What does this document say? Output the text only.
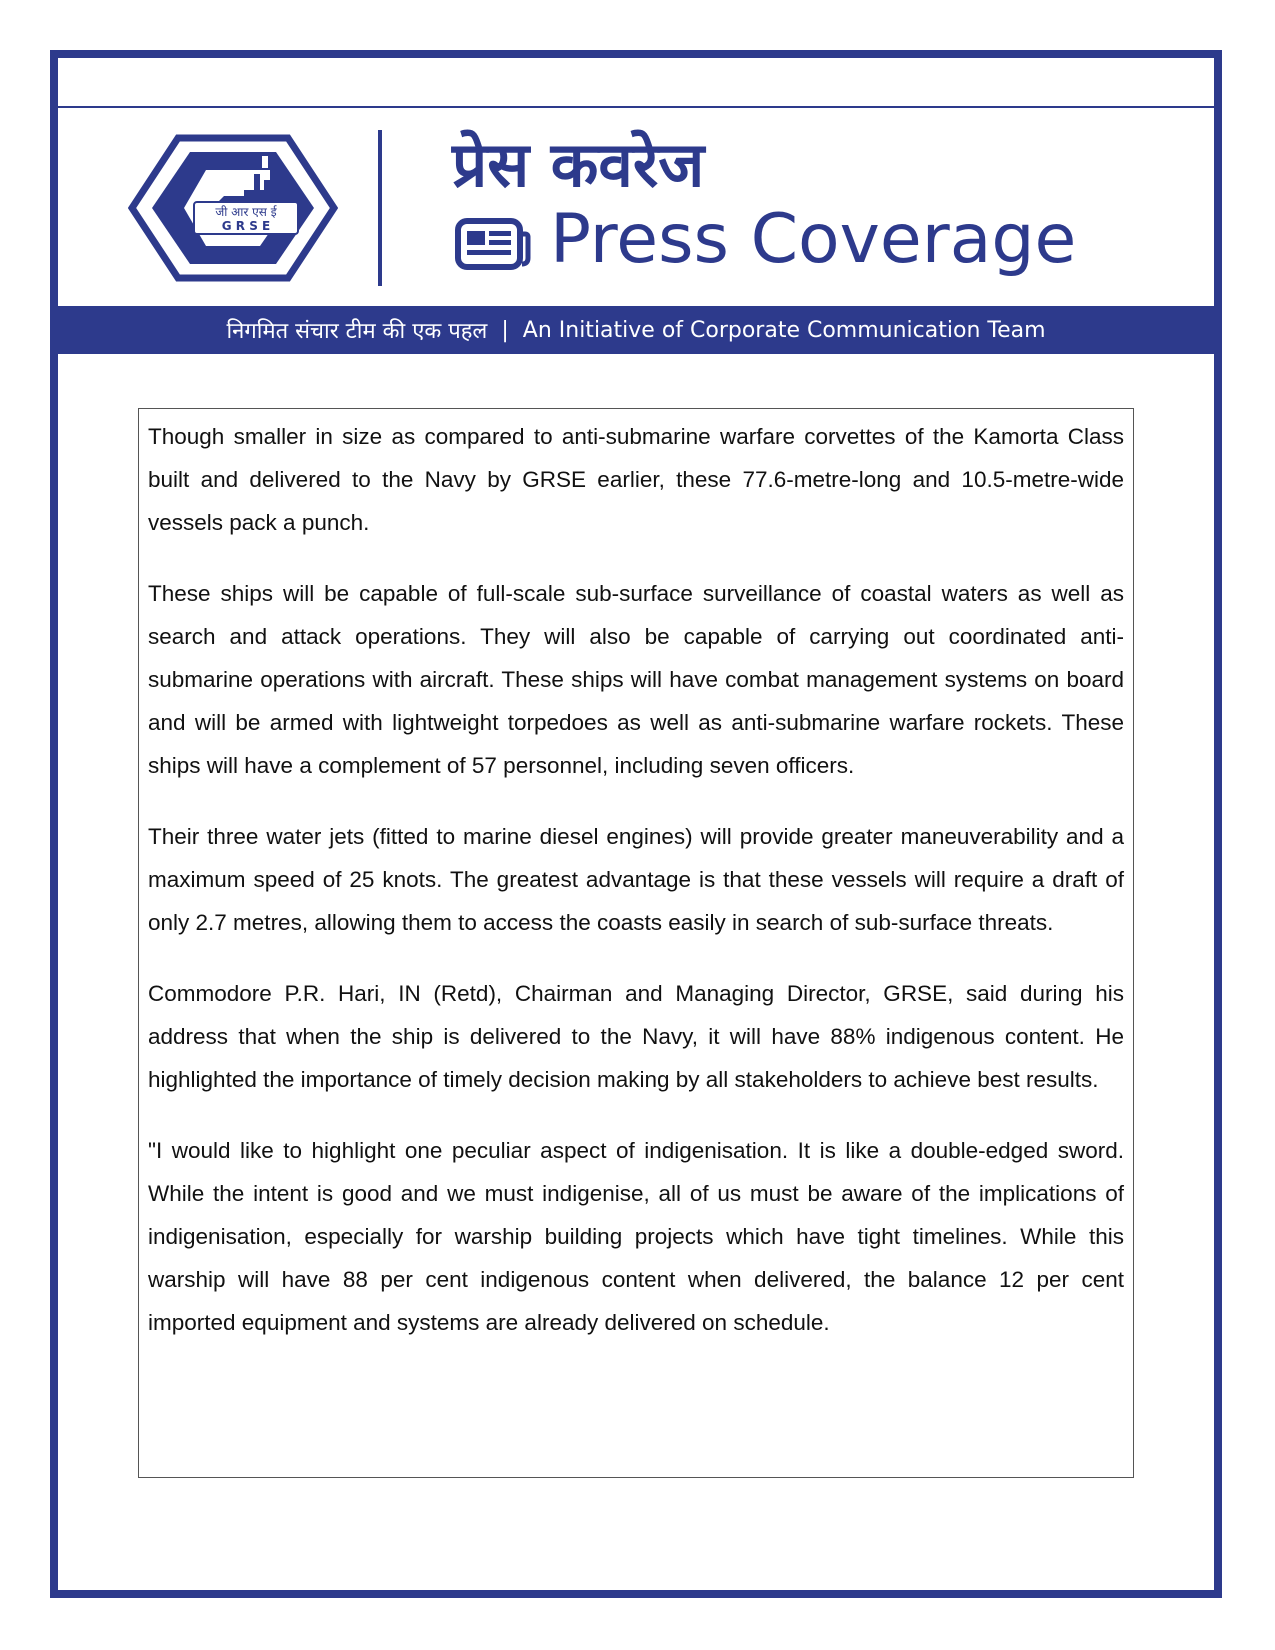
जी आर एस ई
G R S E
प्रेस कवरेज
Press Coverage
निगमित संचार टीम की एक पहल | An Initiative of Corporate Communication Team

Though smaller in size as compared to anti-submarine warfare corvettes of the Kamorta Class built and delivered to the Navy by GRSE earlier, these 77.6-metre-long and 10.5-metre-wide vessels pack a punch.

These ships will be capable of full-scale sub-surface surveillance of coastal waters as well as search and attack operations. They will also be capable of carrying out coordinated anti-submarine operations with aircraft. These ships will have combat management systems on board and will be armed with lightweight torpedoes as well as anti-submarine warfare rockets. These ships will have a complement of 57 personnel, including seven officers.

Their three water jets (fitted to marine diesel engines) will provide greater maneuverability and a maximum speed of 25 knots. The greatest advantage is that these vessels will require a draft of only 2.7 metres, allowing them to access the coasts easily in search of sub-surface threats.

Commodore P.R. Hari, IN (Retd), Chairman and Managing Director, GRSE, said during his address that when the ship is delivered to the Navy, it will have 88% indigenous content. He highlighted the importance of timely decision making by all stakeholders to achieve best results.

"I would like to highlight one peculiar aspect of indigenisation. It is like a double-edged sword. While the intent is good and we must indigenise, all of us must be aware of the implications of indigenisation, especially for warship building projects which have tight timelines. While this warship will have 88 per cent indigenous content when delivered, the balance 12 per cent imported equipment and systems are already delivered on schedule.
